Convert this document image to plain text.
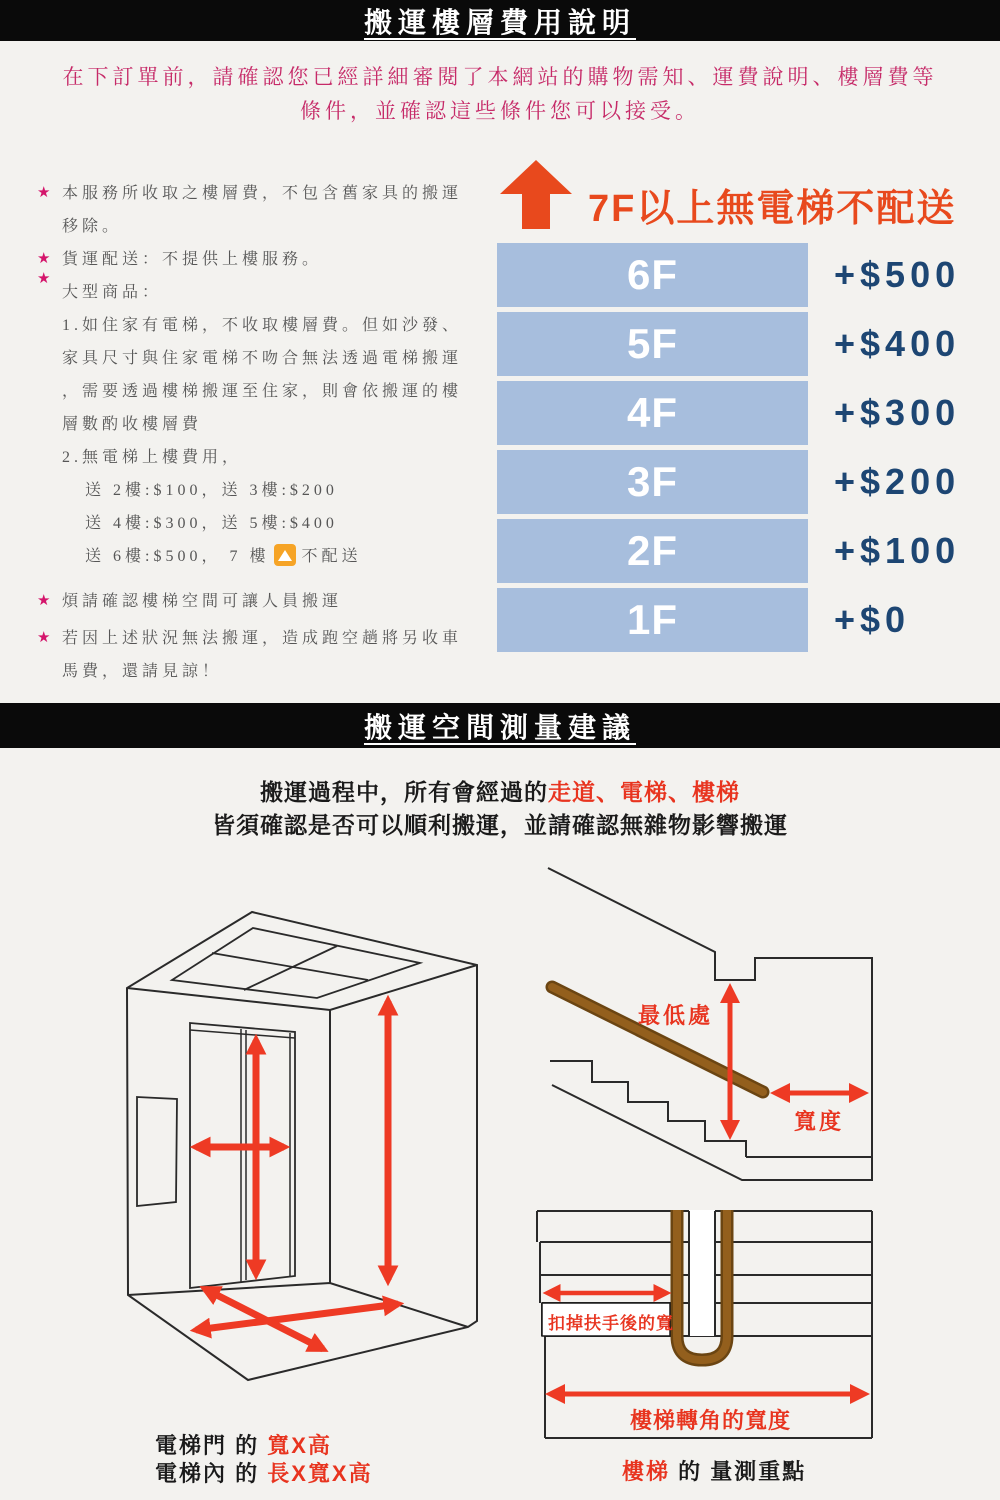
搬運樓層費用說明
在下訂單前，請確認您已經詳細審閱了本網站的購物需知、運費說明、樓層費等
條件，並確認這些條件您可以接受。
★ 本服務所收取之樓層費，不包含舊家具的搬運
移除。
★ 貨運配送：不提供上樓服務。
★
大型商品：
1.如住家有電梯，不收取樓層費。但如沙發、
家具尺寸與住家電梯不吻合無法透過電梯搬運
，需要透過樓梯搬運至住家，則會依搬運的樓
層數酌收樓層費
2.無電梯上樓費用，
送 2樓:$100，送 3樓:$200
送 4樓:$300，送 5樓:$400
送 6樓:$500， 7 樓 不配送
★ 煩請確認樓梯空間可讓人員搬運
★ 若因上述狀況無法搬運，造成跑空趟將另收車
馬費，還請見諒！
7F以上無電梯不配送
6F	+$500
5F	+$400
4F	+$300
3F	+$200
2F	+$100
1F	+$0
搬運空間測量建議
搬運過程中，所有會經過的走道、電梯、樓梯
皆須確認是否可以順利搬運，並請確認無雜物影響搬運
最低處
寬度
扣掉扶手後的寬
樓梯轉角的寬度
電梯門 的 寬X高
電梯內 的 長X寬X高	樓梯 的 量測重點
